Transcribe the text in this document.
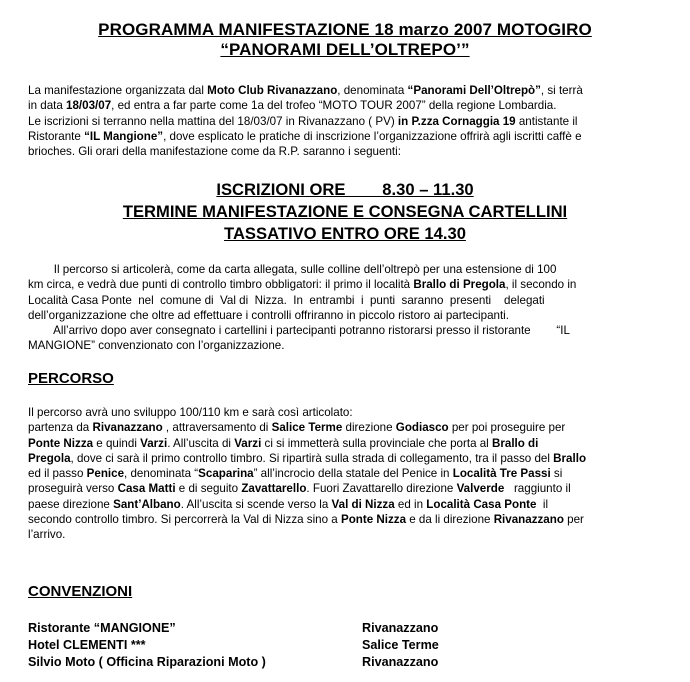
PROGRAMMA MANIFESTAZIONE 18 marzo 2007 MOTOGIRO
“PANORAMI DELL’OLTREPO’”
La manifestazione organizzata dal Moto Club Rivanazzano, denominata “Panorami Dell’Oltrepò”, si terrà
in data 18/03/07, ed entra a far parte come 1a del trofeo “MOTO TOUR 2007” della regione Lombardia.
Le iscrizioni si terranno nella mattina del 18/03/07 in Rivanazzano ( PV) in P.zza Cornaggia 19 antistante il
Ristorante “IL Mangione”, dove esplicato le pratiche di inscrizione l’organizzazione offrirà agli iscritti caffè e
brioches. Gli orari della manifestazione come da R.P. saranno i seguenti:
ISCRIZIONI ORE        8.30 – 11.30
TERMINE MANIFESTAZIONE E CONSEGNA CARTELLINI
TASSATIVO ENTRO ORE 14.30
Il percorso si articolerà, come da carta allegata, sulle colline dell’oltrepò per una estensione di 100
km circa, e vedrà due punti di controllo timbro obbligatori: il primo il località Brallo di Pregola, il secondo in
Località Casa Ponte  nel  comune di  Val di  Nizza.  In  entrambi  i  punti  saranno  presenti    delegati
dell’organizzazione che oltre ad effettuare i controlli offriranno in piccolo ristoro ai partecipanti.
All’arrivo dopo aver consegnato i cartellini i partecipanti potranno ristorarsi presso il ristorante        “IL
MANGIONE” convenzionato con l’organizzazione.
PERCORSO
Il percorso avrà uno sviluppo 100/110 km e sarà così articolato:
partenza da Rivanazzano , attraversamento di Salice Terme direzione Godiasco per poi proseguire per
Ponte Nizza e quindi Varzi. All’uscita di Varzi ci si immetterà sulla provinciale che porta al Brallo di
Pregola, dove ci sarà il primo controllo timbro. Si ripartirà sulla strada di collegamento, tra il passo del Brallo
ed il passo Penice, denominata “Scaparina” all’incrocio della statale del Penice in Località Tre Passi si
proseguirà verso Casa Matti e di seguito Zavattarello. Fuori Zavattarello direzione Valverde   raggiunto il
paese direzione Sant’Albano. All’uscita si scende verso la Val di Nizza ed in Località Casa Ponte  il
secondo controllo timbro. Si percorrerà la Val di Nizza sino a Ponte Nizza e da li direzione Rivanazzano per
l’arrivo.
CONVENZIONI
Ristorante “MANGIONE”	Rivanazzano
Hotel CLEMENTI ***	Salice Terme
Silvio Moto ( Officina Riparazioni Moto )	Rivanazzano
